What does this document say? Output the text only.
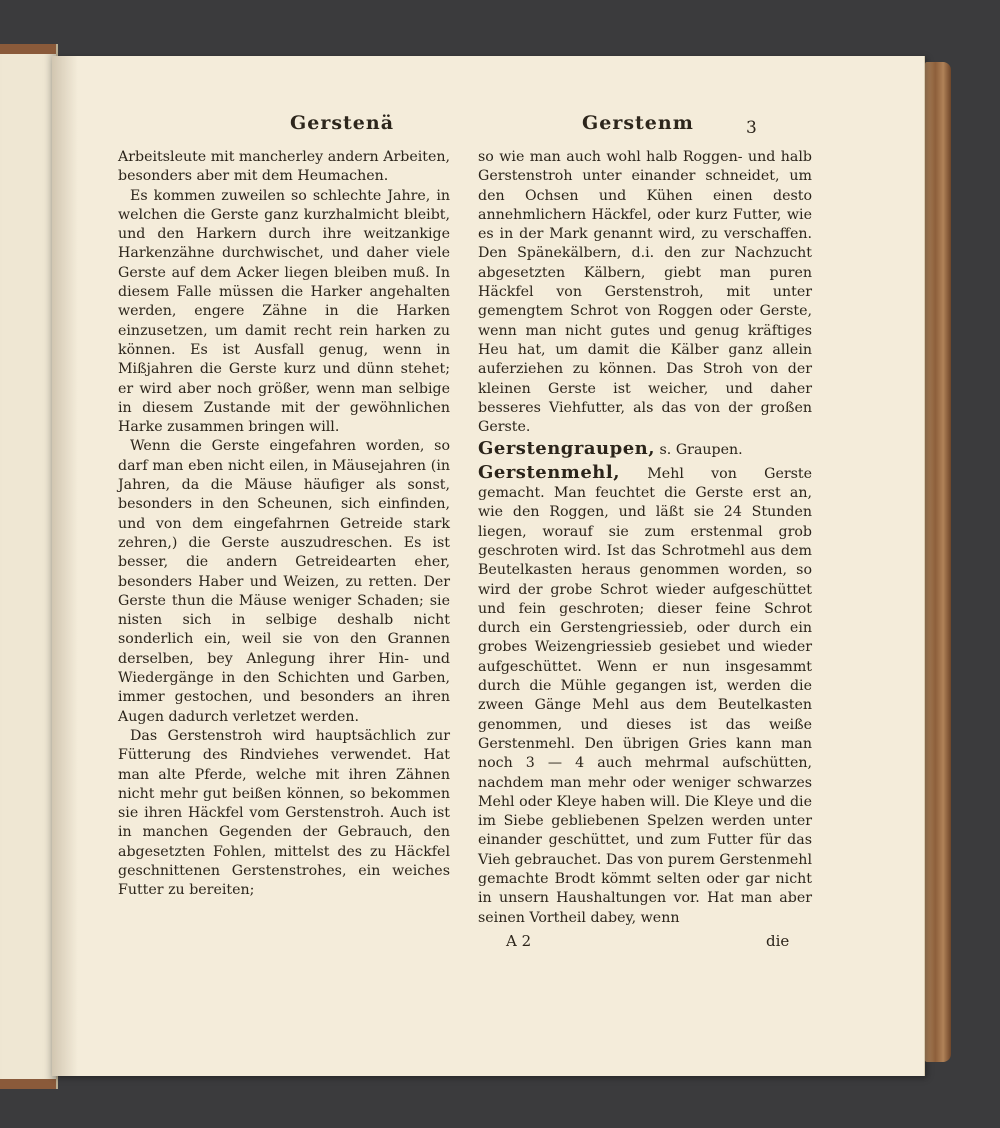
Gerstenä	Gerstenm	3

Arbeitsleute mit mancherley andern Arbeiten, besonders aber mit dem Heumachen.

Es kommen zuweilen so schlechte Jahre, in welchen die Gerste ganz kurzhalmicht bleibt, und den Harkern durch ihre weitzankige Harkenzähne durchwischet, und daher viele Gerste auf dem Acker liegen bleiben muß. In diesem Falle müssen die Harker angehalten werden, engere Zähne in die Harken einzusetzen, um damit recht rein harken zu können. Es ist Ausfall genug, wenn in Mißjahren die Gerste kurz und dünn stehet; er wird aber noch größer, wenn man selbige in diesem Zustande mit der gewöhnlichen Harke zusammen bringen will.

Wenn die Gerste eingefahren worden, so darf man eben nicht eilen, in Mäusejahren (in Jahren, da die Mäuse häufiger als sonst, besonders in den Scheunen, sich einfinden, und von dem eingefahrnen Getreide stark zehren,) die Gerste auszudreschen. Es ist besser, die andern Getreidearten eher, besonders Haber und Weizen, zu retten. Der Gerste thun die Mäuse weniger Schaden; sie nisten sich in selbige deshalb nicht sonderlich ein, weil sie von den Grannen derselben, bey Anlegung ihrer Hin- und Wiedergänge in den Schichten und Garben, immer gestochen, und besonders an ihren Augen dadurch verletzet werden.

Das Gerstenstroh wird hauptsächlich zur Fütterung des Rindviehes verwendet. Hat man alte Pferde, welche mit ihren Zähnen nicht mehr gut beißen können, so bekommen sie ihren Häckfel vom Gerstenstroh. Auch ist in manchen Gegenden der Gebrauch, den abgesetzten Fohlen, mittelst des zu Häckfel geschnittenen Gerstenstrohes, ein weiches Futter zu bereiten;

so wie man auch wohl halb Roggen- und halb Gerstenstroh unter einander schneidet, um den Ochsen und Kühen einen desto annehmlichern Häckfel, oder kurz Futter, wie es in der Mark genannt wird, zu verschaffen. Den Spänekälbern, d.i. den zur Nachzucht abgesetzten Kälbern, giebt man puren Häckfel von Gerstenstroh, mit unter gemengtem Schrot von Roggen oder Gerste, wenn man nicht gutes und genug kräftiges Heu hat, um damit die Kälber ganz allein auferziehen zu können. Das Stroh von der kleinen Gerste ist weicher, und daher besseres Viehfutter, als das von der großen Gerste.

Gerstengraupen, s. Graupen.

Gerstenmehl, Mehl von Gerste gemacht. Man feuchtet die Gerste erst an, wie den Roggen, und läßt sie 24 Stunden liegen, worauf sie zum erstenmal grob geschroten wird. Ist das Schrotmehl aus dem Beutelkasten heraus genommen worden, so wird der grobe Schrot wieder aufgeschüttet und fein geschroten; dieser feine Schrot durch ein Gerstengriessieb, oder durch ein grobes Weizengriessieb gesiebet und wieder aufgeschüttet. Wenn er nun insgesammt durch die Mühle gegangen ist, werden die zween Gänge Mehl aus dem Beutelkasten genommen, und dieses ist das weiße Gerstenmehl. Den übrigen Gries kann man noch 3 — 4 auch mehrmal aufschütten, nachdem man mehr oder weniger schwarzes Mehl oder Kleye haben will. Die Kleye und die im Siebe gebliebenen Spelzen werden unter einander geschüttet, und zum Futter für das Vieh gebrauchet. Das von purem Gerstenmehl gemachte Brodt kömmt selten oder gar nicht in unsern Haushaltungen vor. Hat man aber seinen Vortheil dabey, wenn

A 2	die
